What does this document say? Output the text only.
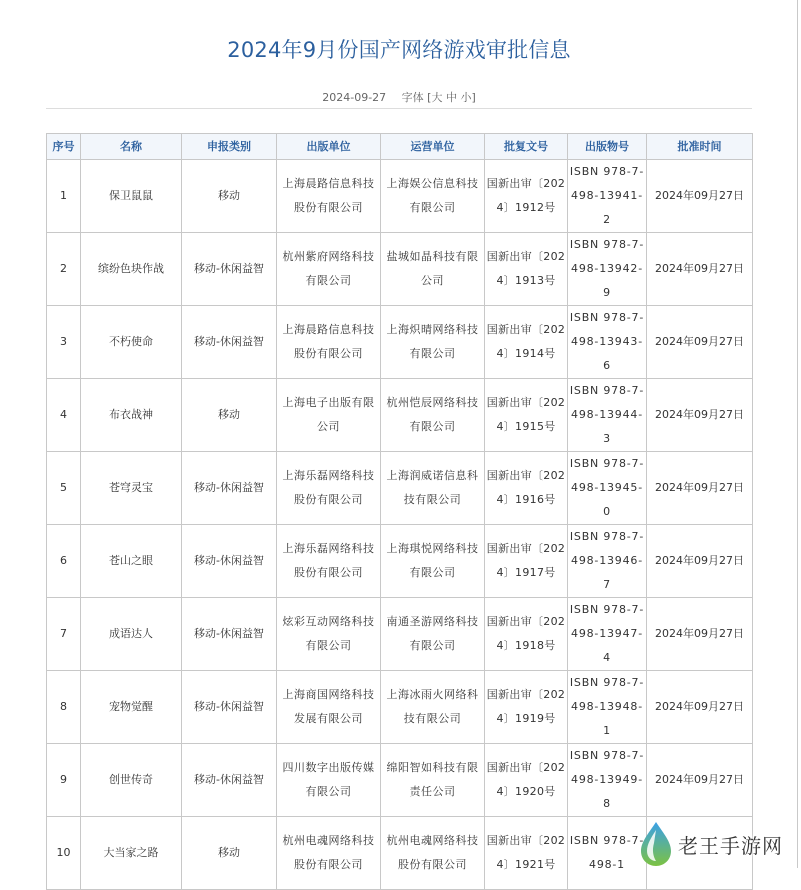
2024年9月份国产网络游戏审批信息
2024-09-27 字体 [大 中 小]
序号	名称	申报类别	出版单位	运营单位	批复文号	出版物号	批准时间
1	保卫鼠鼠	移动	上海晨路信息科技股份有限公司	上海娱公信息科技有限公司	国新出审〔2024〕1912号	ISBN 978-7-498-13941-2	2024年09月27日
2	缤纷色块作战	移动-休闲益智	杭州紫府网络科技有限公司	盐城如晶科技有限公司	国新出审〔2024〕1913号	ISBN 978-7-498-13942-9	2024年09月27日
3	不朽使命	移动-休闲益智	上海晨路信息科技股份有限公司	上海炽晴网络科技有限公司	国新出审〔2024〕1914号	ISBN 978-7-498-13943-6	2024年09月27日
4	布衣战神	移动	上海电子出版有限公司	杭州恺辰网络科技有限公司	国新出审〔2024〕1915号	ISBN 978-7-498-13944-3	2024年09月27日
5	苍穹灵宝	移动-休闲益智	上海乐磊网络科技股份有限公司	上海润威诺信息科技有限公司	国新出审〔2024〕1916号	ISBN 978-7-498-13945-0	2024年09月27日
6	苍山之眼	移动-休闲益智	上海乐磊网络科技股份有限公司	上海琪悦网络科技有限公司	国新出审〔2024〕1917号	ISBN 978-7-498-13946-7	2024年09月27日
7	成语达人	移动-休闲益智	炫彩互动网络科技有限公司	南通圣游网络科技有限公司	国新出审〔2024〕1918号	ISBN 978-7-498-13947-4	2024年09月27日
8	宠物觉醒	移动-休闲益智	上海商国网络科技发展有限公司	上海冰雨火网络科技有限公司	国新出审〔2024〕1919号	ISBN 978-7-498-13948-1	2024年09月27日
9	创世传奇	移动-休闲益智	四川数字出版传媒有限公司	绵阳智如科技有限责任公司	国新出审〔2024〕1920号	ISBN 978-7-498-13949-8	2024年09月27日
10	大当家之路	移动	杭州电魂网络科技股份有限公司	杭州电魂网络科技股份有限公司	国新出审〔2024〕1921号	ISBN 978-7-498-1	
老王手游网
